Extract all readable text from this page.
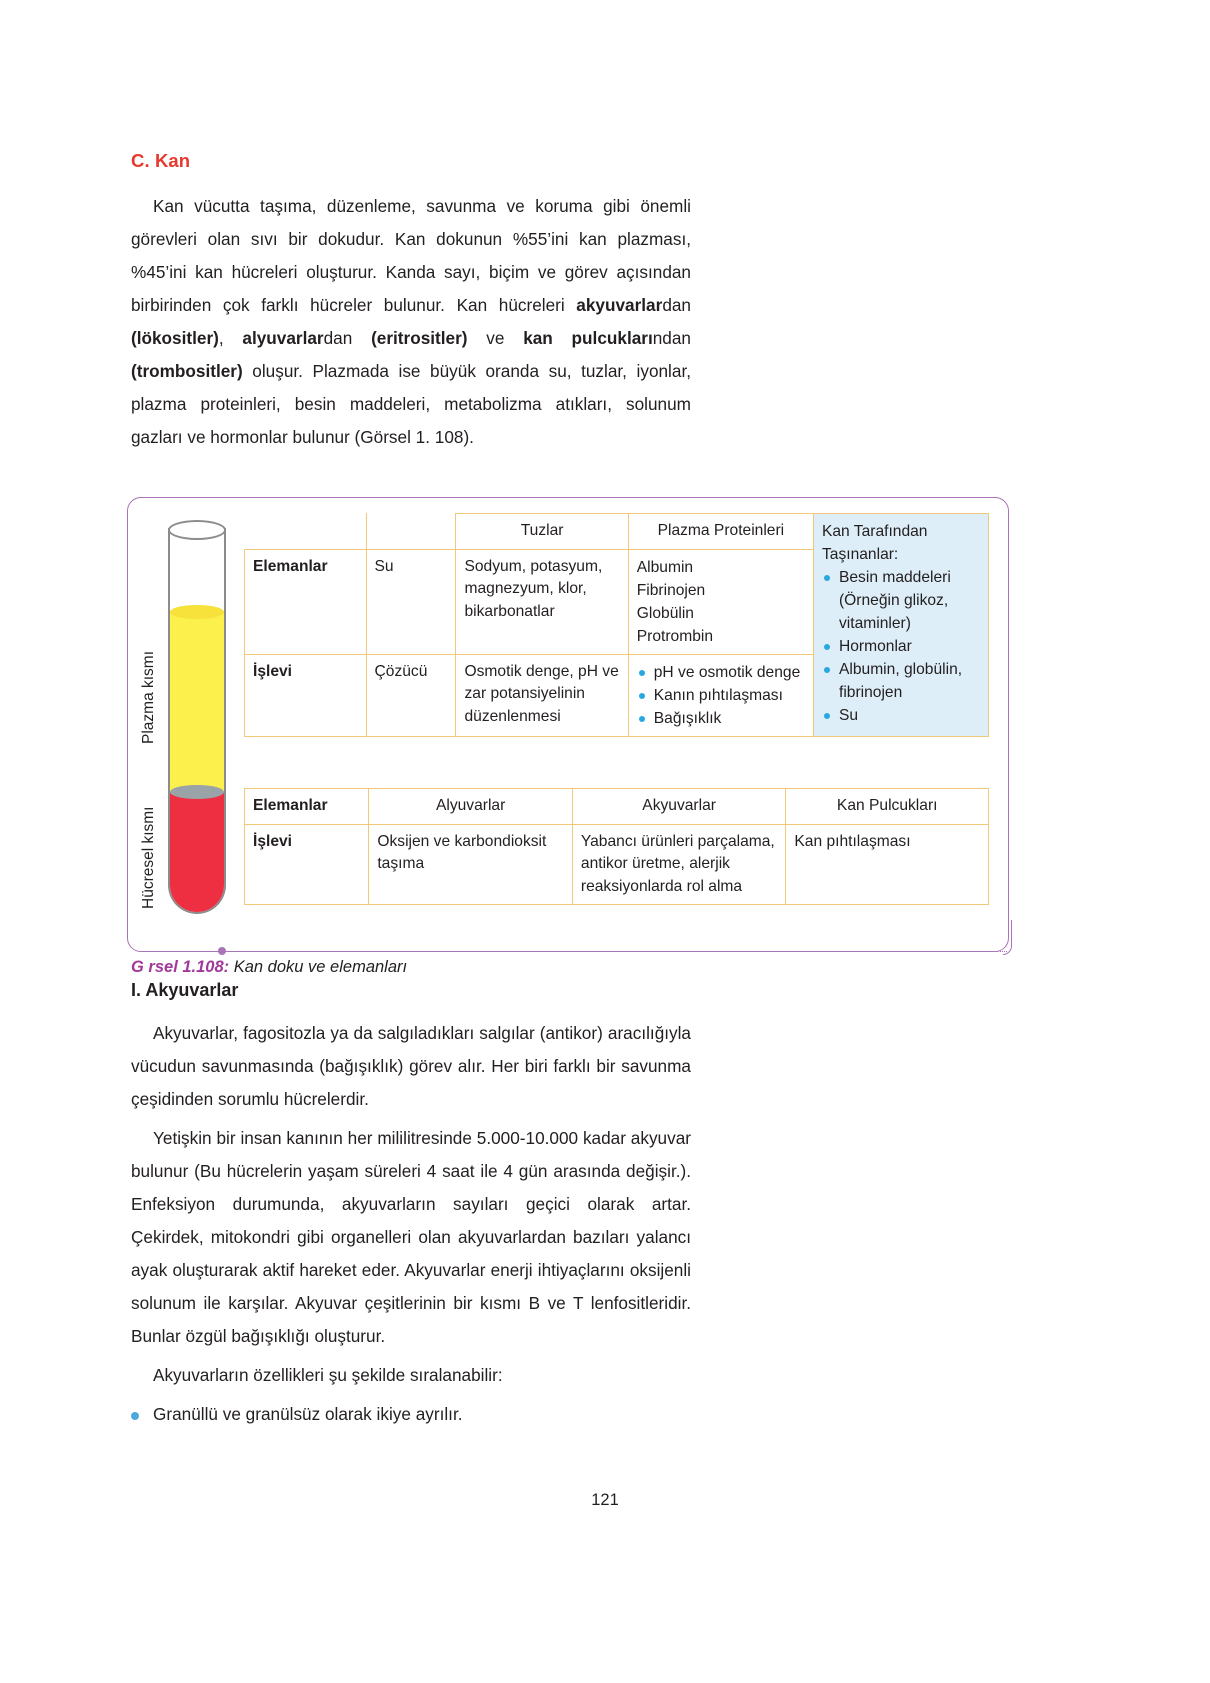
C. Kan

Kan vücutta taşıma, düzenleme, savunma ve koruma gibi önemli görevleri olan sıvı bir dokudur. Kan dokunun %55’ini kan plazması, %45’ini kan hücreleri oluşturur. Kanda sayı, biçim ve görev açısından birbirinden çok farklı hücreler bulunur. Kan hücreleri akyuvarlardan (lökositler), alyuvarlardan (eritrositler) ve kan pulcuklarından (trombositler) oluşur. Plazmada ise büyük oranda su, tuzlar, iyonlar, plazma proteinleri, besin maddeleri, metabolizma atıkları, solunum gazları ve hormonlar bulunur (Görsel 1. 108).

Plazma kısmı
Hücresel kısmı
		Tuzlar	Plazma Proteinleri	Kan Tarafından
Taşınanlar:
Besin maddeleri (Örneğin glikoz, vitaminler)
Hormonlar
Albumin, globülin, fibrinojen
Su

Elemanlar	Su	Sodyum, potasyum, magnezyum, klor, bikarbonatlar	Albumin
Fibrinojen
Globülin
Protrombin	

İşlevi	Çözücü	Osmotik denge, pH ve zar potansiyelinin düzenlenmesi	
pH ve osmotik denge
Kanın pıhtılaşması
Bağışıklık
Elemanlar	Alyuvarlar	Akyuvarlar	Kan Pulcukları
İşlevi	Oksijen ve karbondioksit taşıma	Yabancı ürünleri parçalama, antikor üretme, alerjik reaksiyonlarda rol alma	Kan pıhtılaşması
G rsel 1.108: Kan doku ve elemanları
I. Akyuvarlar

Akyuvarlar, fagositozla ya da salgıladıkları salgılar (antikor) aracılığıyla vücudun savunmasında (bağışıklık) görev alır. Her biri farklı bir savunma çeşidinden sorumlu hücrelerdir.

Yetişkin bir insan kanının her mililitresinde 5.000-10.000 kadar akyuvar bulunur (Bu hücrelerin yaşam süreleri 4 saat ile 4 gün arasında değişir.). Enfeksiyon durumunda, akyuvarların sayıları geçici olarak artar. Çekirdek, mitokondri gibi organelleri olan akyuvarlardan bazıları yalancı ayak oluşturarak aktif hareket eder. Akyuvarlar enerji ihtiyaçlarını oksijenli solunum ile karşılar. Akyuvar çeşitlerinin bir kısmı B ve T lenfositleridir. Bunlar özgül bağışıklığı oluşturur.

Akyuvarların özellikleri şu şekilde sıralanabilir:

Granüllü ve granülsüz olarak ikiye ayrılır.
121
